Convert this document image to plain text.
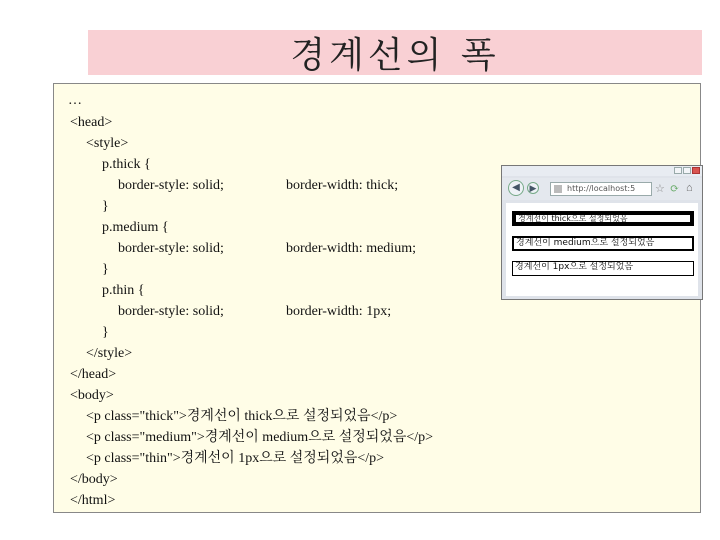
경계선의 폭
…
<head>
<style>
p.thick {
border-style: solid;	border-width: thick;
}
p.medium {
border-style: solid;	border-width: medium;
}
p.thin {
border-style: solid;	border-width: 1px;
}
</style>
</head>
<body>
<p class="thick">경계선이 thick으로 설정되었음</p>
<p class="medium">경계선이 medium으로 설정되었음</p>
<p class="thin">경계선이 1px으로 설정되었음</p>
</body>
</html>
◀	▶	http://localhost:5	☆ ⟳ ⌂
경계선이 thick으로 설정되었음
경계선이 medium으로 설정되었음
경계선이 1px으로 설정되었음
